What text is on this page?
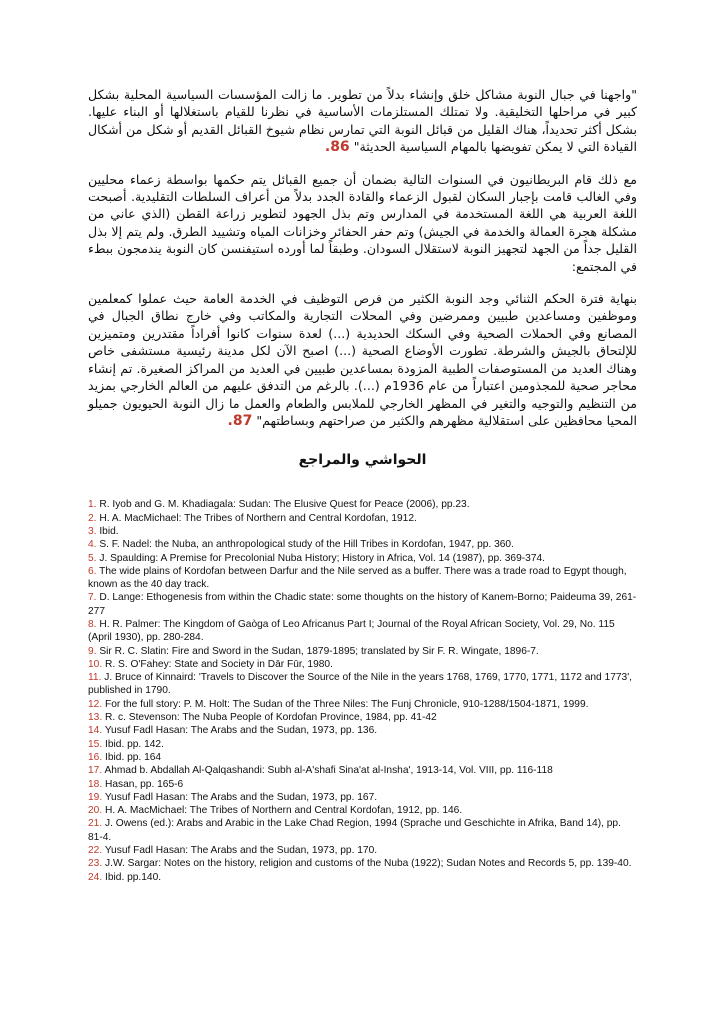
"واجهنا في جبال النوبة مشاكل خلق وإنشاء بدلاً من تطوير. ما زالت المؤسسات السياسية المحلية بشكل كبير في مراحلها التخليقية. ولا تمتلك المستلزمات الأساسية في نظرنا للقيام باستغلالها أو البناء عليها. بشكل أكثر تحديداً، هناك القليل من قبائل النوبة التي تمارس نظام شيوخ القبائل القديم أو شكل من أشكال القيادة التي لا يمكن تفويضها بالمهام السياسية الحديثة" 86.

مع ذلك قام البريطانيون في السنوات التالية بضمان أن جميع القبائل يتم حكمها بواسطة زعماء محليين وفي الغالب قامت بإجبار السكان لقبول الزعماء والقادة الجدد بدلاً من أعراف السلطات التقليدية. أصبحت اللغة العربية هي اللغة المستخدمة في المدارس وتم بذل الجهود لتطوير زراعة القطن (الذي عاني من مشكلة هجرة العمالة والخدمة في الجيش) وتم حفر الحفائر وخزانات المياه وتشييد الطرق. ولم يتم إلا بذل القليل جداً من الجهد لتجهيز النوبة لاستقلال السودان. وطبقاً لما أورده استيفنسن كان النوبة يندمجون ببطء في المجتمع:

بنهاية فترة الحكم الثنائي وجد النوبة الكثير من فرص التوظيف في الخدمة العامة حيث عملوا كمعلمين وموظفين ومساعدين طبيين وممرضين وفي المحلات التجارية والمكاتب وفي خارج نطاق الجبال في المصانع وفي الحملات الصحية وفي السكك الحديدية (...) لعدة سنوات كانوا أفراداً مقتدرين ومتميزين للإلتحاق بالجيش والشرطة. تطورت الأوضاع الصحية (...) اصبح الآن لكل مدينة رئيسية مستشفى خاص وهناك العديد من المستوصفات الطبية المزودة بمساعدين طبيين في العديد من المراكز الصغيرة. تم إنشاء محاجر صحية للمجذومين اعتباراً من عام 1936م (...). بالرغم من التدفق عليهم من العالم الخارجي بمزيد من التنظيم والتوجيه والتغير في المظهر الخارجي للملابس والطعام والعمل ما زال النوبة الحيويون جميلو المحيا محافظين على استقلالية مظهرهم والكثير من صراحتهم وبساطتهم" 87.

الحواشي والمراجع
1. R. Iyob and G. M. Khadiagala: Sudan: The Elusive Quest for Peace (2006), pp.23.
2. H. A. MacMichael: The Tribes of Northern and Central Kordofan, 1912.
3. Ibid.
4. S. F. Nadel: the Nuba, an anthropological study of the Hill Tribes in Kordofan, 1947, pp. 360.
5. J. Spaulding: A Premise for Precolonial Nuba History; History in Africa, Vol. 14 (1987), pp. 369-374.
6. The wide plains of Kordofan between Darfur and the Nile served as a buffer. There was a trade road to Egypt though, known as the 40 day track.
7. D. Lange: Ethogenesis from within the Chadic state: some thoughts on the history of Kanem-Borno; Paideuma 39, 261-277
8. H. R. Palmer: The Kingdom of Gaòga of Leo Africanus Part I; Journal of the Royal African Society, Vol. 29, No. 115 (April 1930), pp. 280-284.
9. Sir R. C. Slatin: Fire and Sword in the Sudan, 1879-1895; translated by Sir F. R. Wingate, 1896-7.
10. R. S. O'Fahey: State and Society in Dār Fūr, 1980.
11. J. Bruce of Kinnaird: 'Travels to Discover the Source of the Nile in the years 1768, 1769, 1770, 1771, 1172 and 1773', published in 1790.
12. For the full story: P. M. Holt: The Sudan of the Three Niles: The Funj Chronicle, 910-1288/1504-1871, 1999.
13. R. c. Stevenson: The Nuba People of Kordofan Province, 1984, pp. 41-42
14. Yusuf Fadl Hasan: The Arabs and the Sudan, 1973, pp. 136.
15. Ibid. pp. 142.
16. Ibid. pp. 164
17. Ahmad b. Abdallah Al-Qalqashandi: Subh al-A'shafi Sina'at al-Insha', 1913-14, Vol. VIII, pp. 116-118
18. Hasan, pp. 165-6
19. Yusuf Fadl Hasan: The Arabs and the Sudan, 1973, pp. 167.
20. H. A. MacMichael: The Tribes of Northern and Central Kordofan, 1912, pp. 146.
21. J. Owens (ed.): Arabs and Arabic in the Lake Chad Region, 1994 (Sprache und Geschichte in Afrika, Band 14), pp. 81-4.
22. Yusuf Fadl Hasan: The Arabs and the Sudan, 1973, pp. 170.
23. J.W. Sargar: Notes on the history, religion and customs of the Nuba (1922); Sudan Notes and Records 5, pp. 139-40.
24. Ibid. pp.140.
